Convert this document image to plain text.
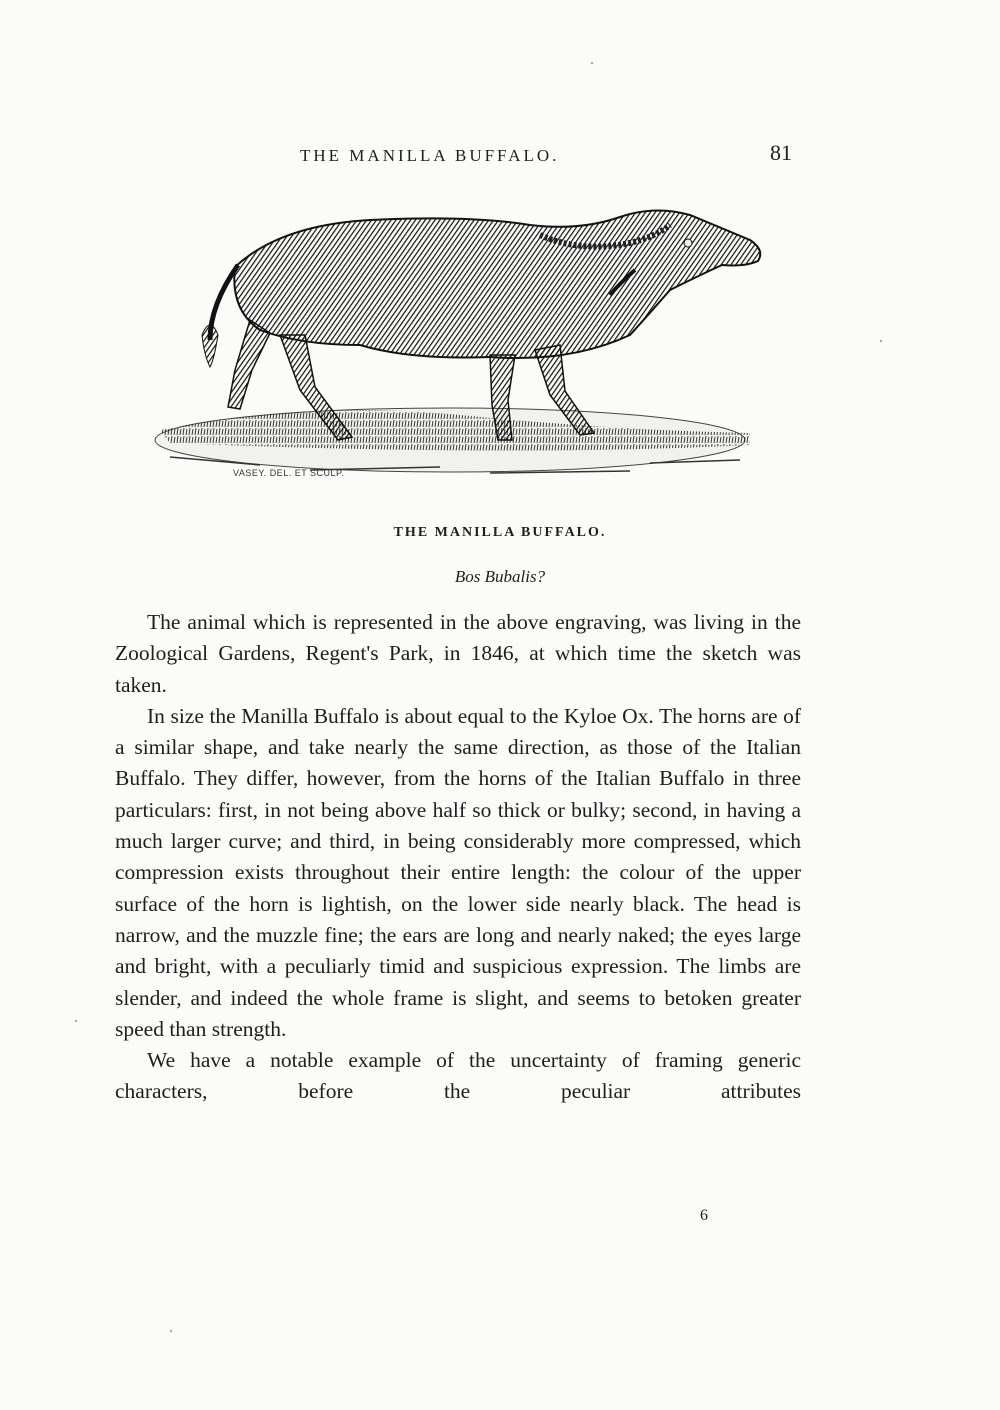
THE MANILLA BUFFALO.	81
VASEY. DEL. ET SCULP.
THE MANILLA BUFFALO.
Bos Bubalis?

The animal which is represented in the above engraving, was living in the Zoological Gardens, Regent's Park, in 1846, at which time the sketch was taken.

In size the Manilla Buffalo is about equal to the Kyloe Ox. The horns are of a similar shape, and take nearly the same direction, as those of the Italian Buffalo. They differ, however, from the horns of the Italian Buffalo in three particulars: first, in not being above half so thick or bulky; second, in having a much larger curve; and third, in being considerably more compressed, which compression exists throughout their entire length: the colour of the upper surface of the horn is lightish, on the lower side nearly black. The head is narrow, and the muzzle fine; the ears are long and nearly naked; the eyes large and bright, with a peculiarly timid and suspicious expression. The limbs are slender, and indeed the whole frame is slight, and seems to betoken greater speed than strength.

We have a notable example of the uncertainty of framing generic characters, before the peculiar attributes

6
